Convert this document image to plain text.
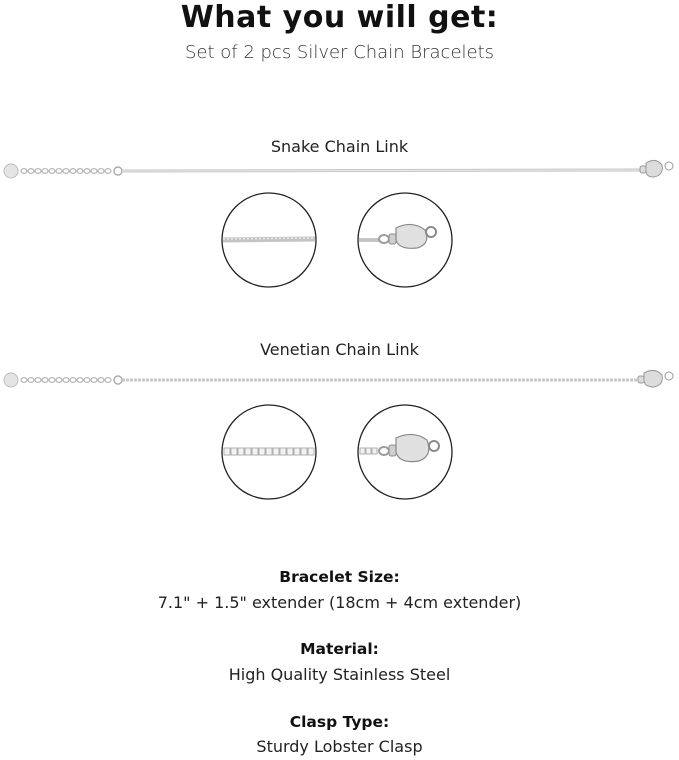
What you will get:
Set of 2 pcs Silver Chain Bracelets
Snake Chain Link
Venetian Chain Link
Bracelet Size:
7.1" + 1.5" extender (18cm + 4cm extender)
Material:
High Quality Stainless Steel
Clasp Type:
Sturdy Lobster Clasp
